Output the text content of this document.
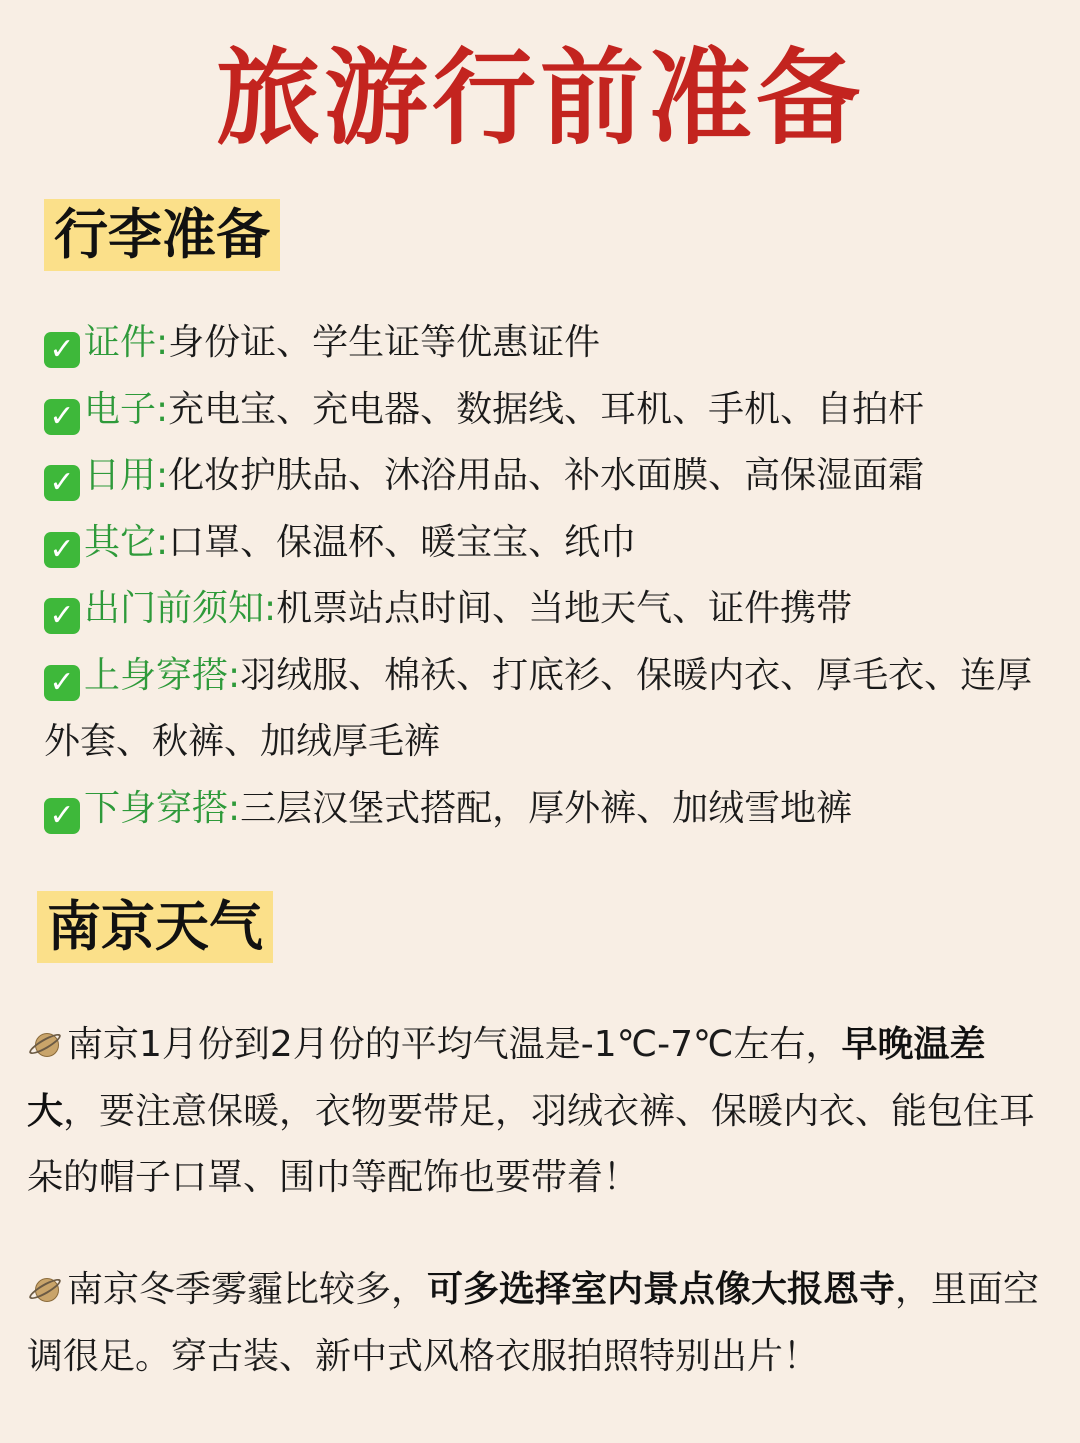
旅游行前准备
行李准备
✓ 证件:身份证、学生证等优惠证件
✓ 电子:充电宝、充电器、数据线、耳机、手机、自拍杆
✓ 日用:化妆护肤品、沐浴用品、补水面膜、高保湿面霜
✓ 其它:口罩、保温杯、暖宝宝、纸巾
✓ 出门前须知:机票站点时间、当地天气、证件携带
✓ 上身穿搭:羽绒服、棉袄、打底衫、保暖内衣、厚毛衣、连厚外套、秋裤、加绒厚毛裤
✓ 下身穿搭:三层汉堡式搭配，厚外裤、加绒雪地裤
南京天气

南京1月份到2月份的平均气温是-1℃-7℃左右，早晚温差大，要注意保暖，衣物要带足，羽绒衣裤、保暖内衣、能包住耳朵的帽子口罩、围巾等配饰也要带着！

南京冬季雾霾比较多，可多选择室内景点像大报恩寺，里面空调很足。穿古装、新中式风格衣服拍照特别出片！
